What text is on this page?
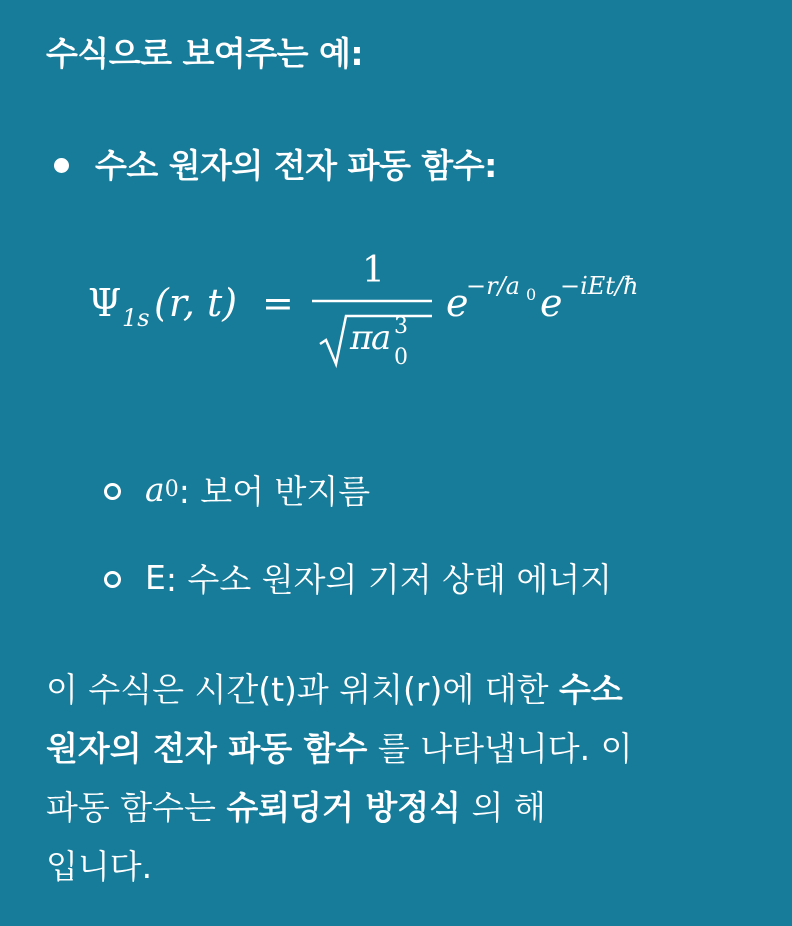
수식으로 보여주는 예:
수소 원자의 전자 파동 함수:
Ψ 1s (r, t) =
1
π
a 3
0
e
−r/a 0 e
−iEt/ħ
a 0 : 보어 반지름
E : 수소 원자의 기저 상태 에너지
이 수식은 시간(t)과 위치(r)에 대한 수소
원자의 전자 파동 함수 를 나타냅니다. 이
파동 함수는 슈뢰딩거 방정식 의 해
입니다.
